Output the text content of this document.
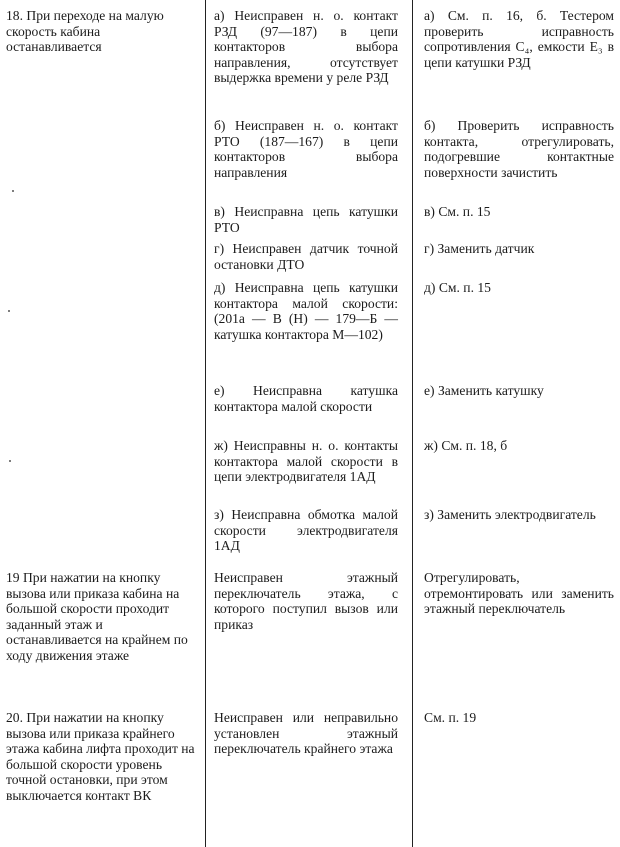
18. При переходе на малую скорость кабина останавливается
а) Неисправен н. о. контакт РЗД (97—187) в цепи контакторов выбора направления, отсутствует выдержка времени у реле РЗД
а) См. п. 16, б. Тестером проверить исправность сопротивления C₄, емкости E₃ в цепи катушки РЗД
б) Неисправен н. о. контакт РТО (187—167) в цепи контакторов выбора направления
б) Проверить исправность контакта, отрегулировать, подогревшие контактные поверхности зачистить
в) Неисправна цепь катушки РТО
в) См. п. 15
г) Неисправен датчик точной остановки ДТО
г) Заменить датчик
д) Неисправна цепь катушки контактора малой скорости: (201а — В (Н) — 179—Б — катушка контактора М—102)
д) См. п. 15
е) Неисправна катушка контактора малой скорости
е) Заменить катушку
ж) Неисправны н. о. контакты контактора малой скорости в цепи электродвигателя 1АД
ж) См. п. 18, б
з) Неисправна обмотка малой скорости электродвигателя 1АД
з) Заменить электродвигатель
19 При нажатии на кнопку вызова или приказа кабина на большой скорости проходит заданный этаж и останавливается на крайнем по ходу движения этаже
Неисправен этажный переключатель этажа, с которого поступил вызов или приказ
Отрегулировать, отремонтировать или заменить этажный переключатель
20. При нажатии на кнопку вызова или приказа крайнего этажа кабина лифта проходит на большой скорости уровень точной остановки, при этом выключается контакт ВК
Неисправен или неправильно установлен этажный переключатель крайнего этажа
См. п. 19
